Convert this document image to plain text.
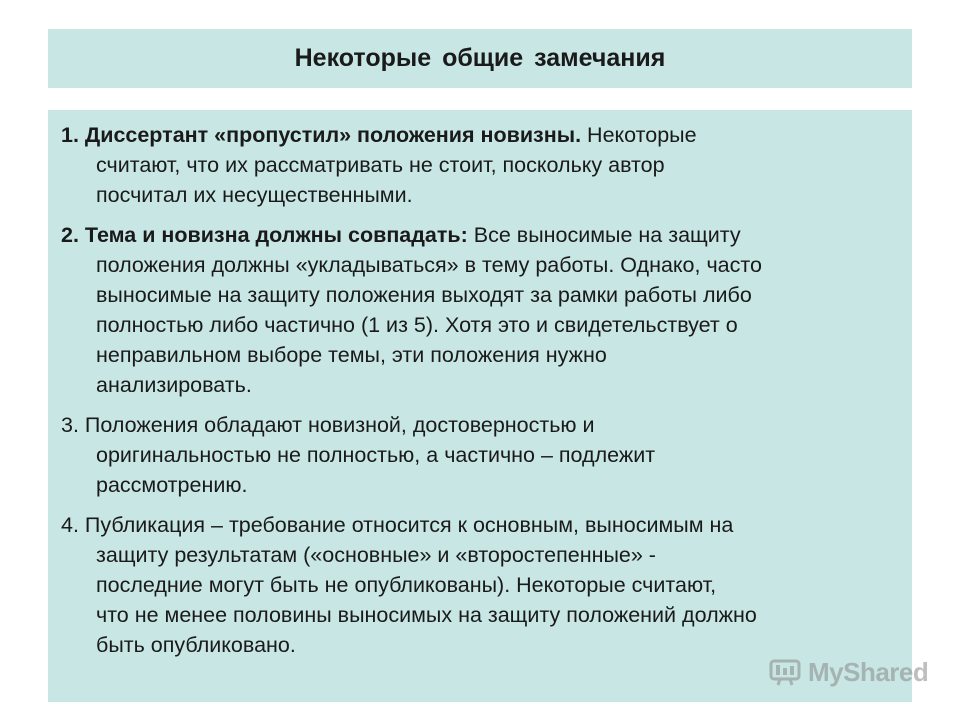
Некоторые общие замечания

1. Диссертант «пропустил» положения новизны. Некоторые
считают, что их рассматривать не стоит, поскольку автор
посчитал их несущественными.

2. Тема и новизна должны совпадать: Все выносимые на защиту
положения должны «укладываться» в тему работы. Однако, часто
выносимые на защиту положения выходят за рамки работы либо
полностью либо частично (1 из 5). Хотя это и свидетельствует о
неправильном выборе темы, эти положения нужно
анализировать.

3. Положения обладают новизной, достоверностью и
оригинальностью не полностью, а частично – подлежит
рассмотрению.

4. Публикация – требование относится к основным, выносимым на
защиту результатам («основные» и «второстепенные» -
последние могут быть не опубликованы). Некоторые считают,
что не менее половины выносимых на защиту положений должно
быть опубликовано.

MyShared
